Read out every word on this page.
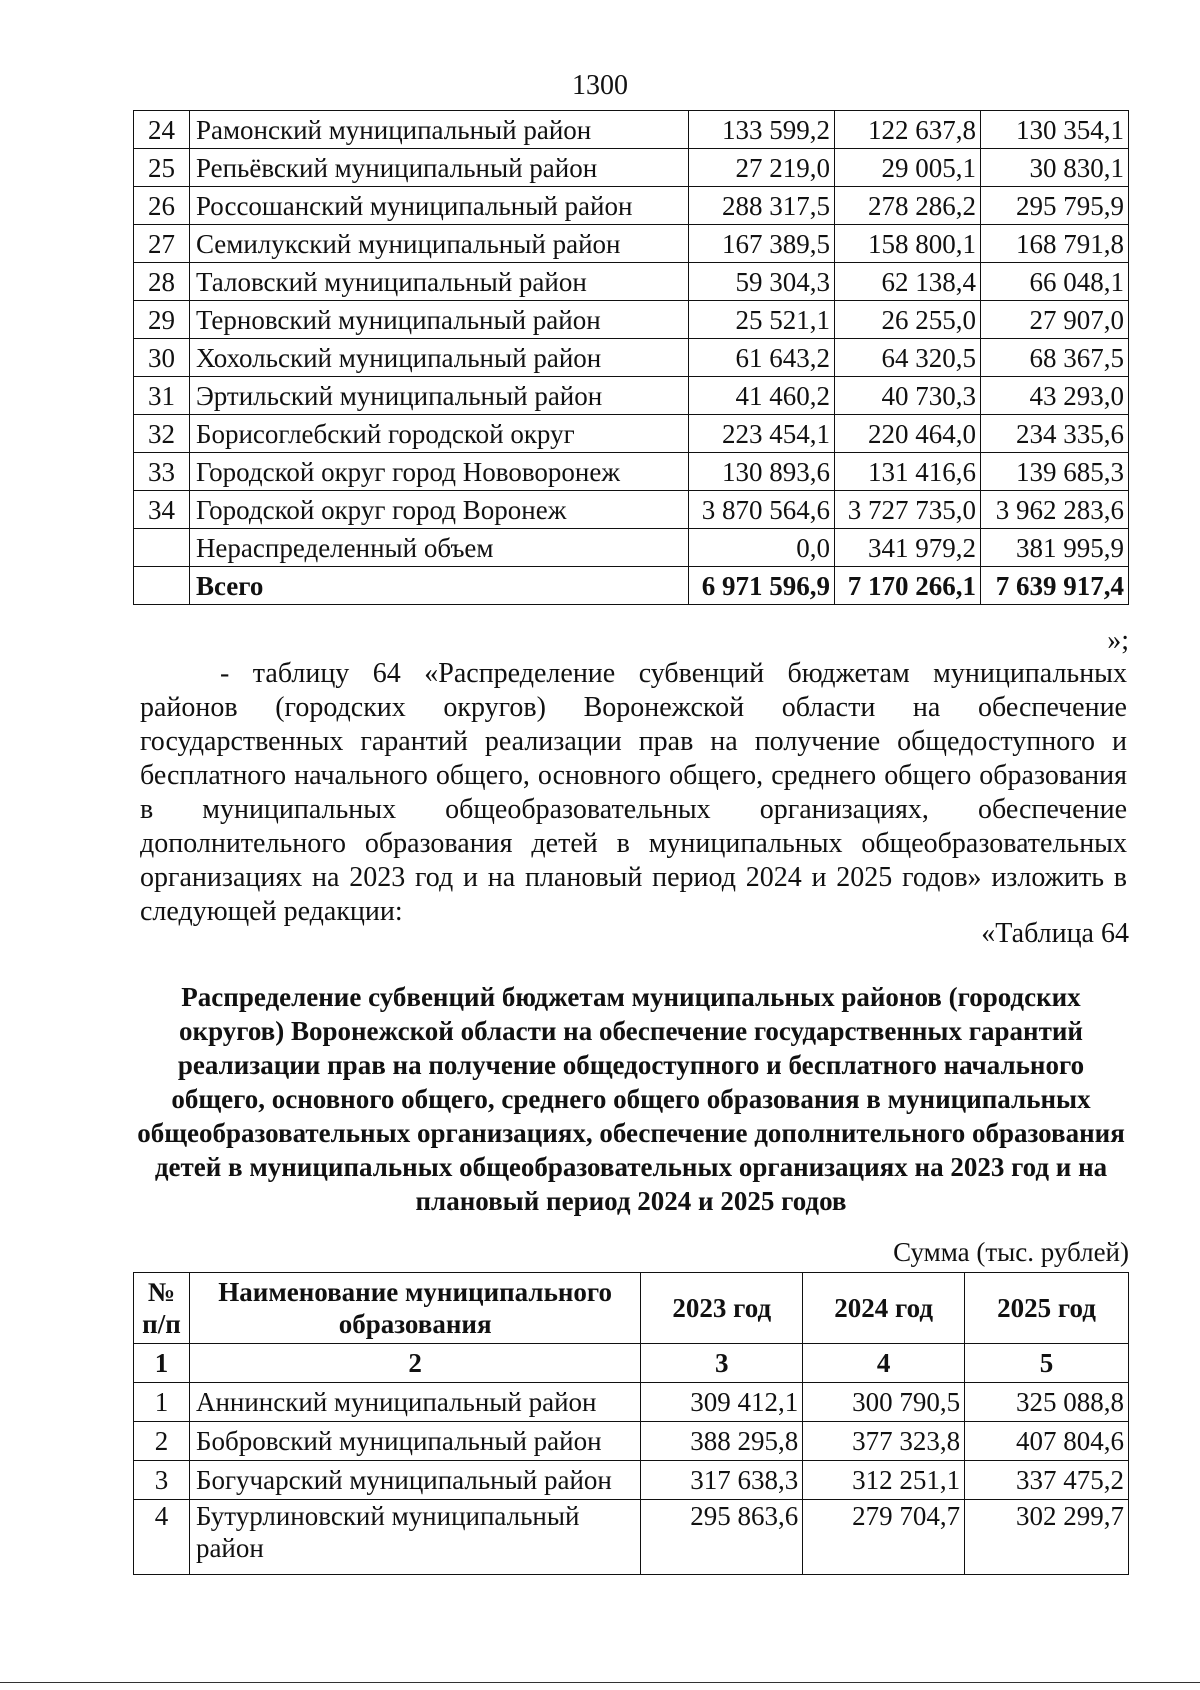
1300
24	Рамонский муниципальный район	133 599,2	122 637,8	130 354,1
25	Репьёвский муниципальный район	27 219,0	29 005,1	30 830,1
26	Россошанский муниципальный район	288 317,5	278 286,2	295 795,9
27	Семилукский муниципальный район	167 389,5	158 800,1	168 791,8
28	Таловский муниципальный район	59 304,3	62 138,4	66 048,1
29	Терновский муниципальный район	25 521,1	26 255,0	27 907,0
30	Хохольский муниципальный район	61 643,2	64 320,5	68 367,5
31	Эртильский муниципальный район	41 460,2	40 730,3	43 293,0
32	Борисоглебский городской округ	223 454,1	220 464,0	234 335,6
33	Городской округ город Нововоронеж	130 893,6	131 416,6	139 685,3
34	Городской округ город Воронеж	3 870 564,6	3 727 735,0	3 962 283,6
	Нераспределенный объем	0,0	341 979,2	381 995,9
	Всего	6 971 596,9	7 170 266,1	7 639 917,4
»;
- таблицу 64 «Распределение субвенций бюджетам муниципальных районов (городских округов) Воронежской области на обеспечение государственных гарантий реализации прав на получение общедоступного и бесплатного начального общего, основного общего, среднего общего образования в муниципальных общеобразовательных организациях, обеспечение дополнительного образования детей в муниципальных общеобразовательных организациях на 2023 год и на плановый период 2024 и 2025 годов» изложить в следующей редакции:
«Таблица 64
Распределение субвенций бюджетам муниципальных районов (городских округов) Воронежской области на обеспечение государственных гарантий реализации прав на получение общедоступного и бесплатного начального общего, основного общего, среднего общего образования в муниципальных общеобразовательных организациях, обеспечение дополнительного образования детей в муниципальных общеобразовательных организациях на 2023 год и на плановый период 2024 и 2025 годов
Сумма (тыс. рублей)
№ п/п	Наименование муниципального образования	2023 год	2024 год	2025 год
1	2	3	4	5
1	Аннинский муниципальный район	309 412,1	300 790,5	325 088,8
2	Бобровский муниципальный район	388 295,8	377 323,8	407 804,6
3	Богучарский муниципальный район	317 638,3	312 251,1	337 475,2
4	Бутурлиновский муниципальный район	295 863,6	279 704,7	302 299,7
